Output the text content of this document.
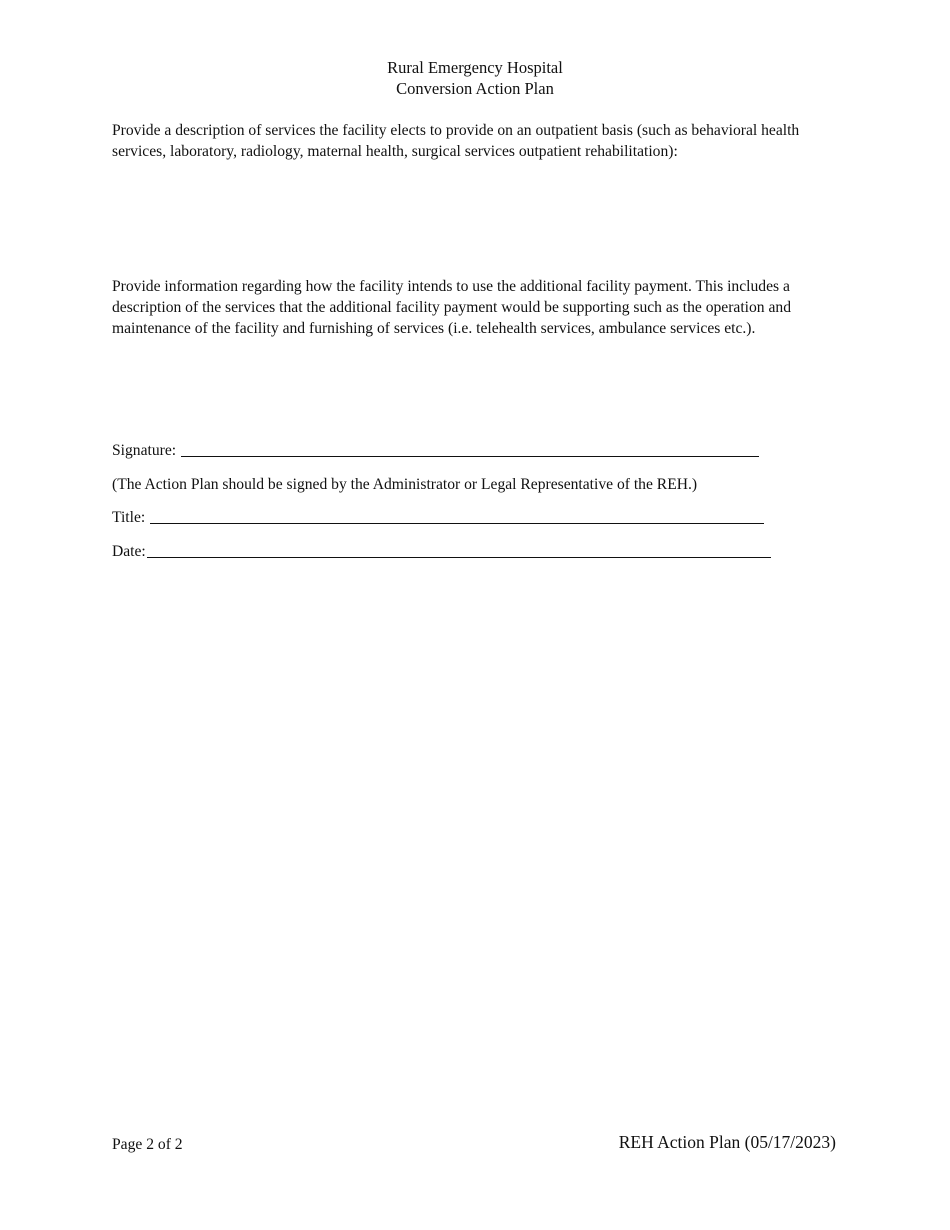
Rural Emergency Hospital
Conversion Action Plan
Provide a description of services the facility elects to provide on an outpatient basis (such as behavioral health services, laboratory, radiology, maternal health, surgical services outpatient rehabilitation):
Provide information regarding how the facility intends to use the additional facility payment. This includes a description of the services that the additional facility payment would be supporting such as the operation and maintenance of the facility and furnishing of services (i.e. telehealth services, ambulance services etc.).
Signature:
(The Action Plan should be signed by the Administrator or Legal Representative of the REH.)
Title:
Date:
Page 2 of 2	REH Action Plan (05/17/2023)
